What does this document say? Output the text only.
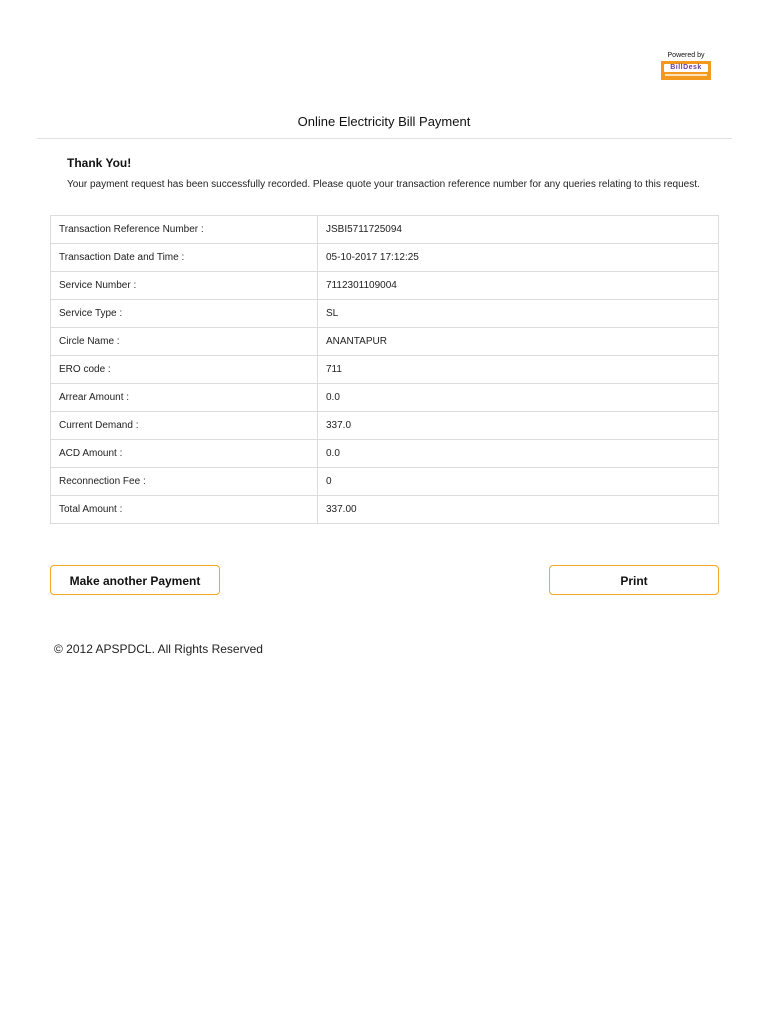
Powered by
BillDesk
Online Electricity Bill Payment
Thank You!
Your payment request has been successfully recorded. Please quote your transaction reference number for any queries relating to this request.
Transaction Reference Number :	JSBI5711725094
Transaction Date and Time :	05-10-2017 17:12:25
Service Number :	7112301109004
Service Type :	SL
Circle Name :	ANANTAPUR
ERO code :	711
Arrear Amount :	0.0
Current Demand :	337.0
ACD Amount :	0.0
Reconnection Fee :	0
Total Amount :	337.00
Make another Payment	Print
© 2012 APSPDCL. All Rights Reserved
